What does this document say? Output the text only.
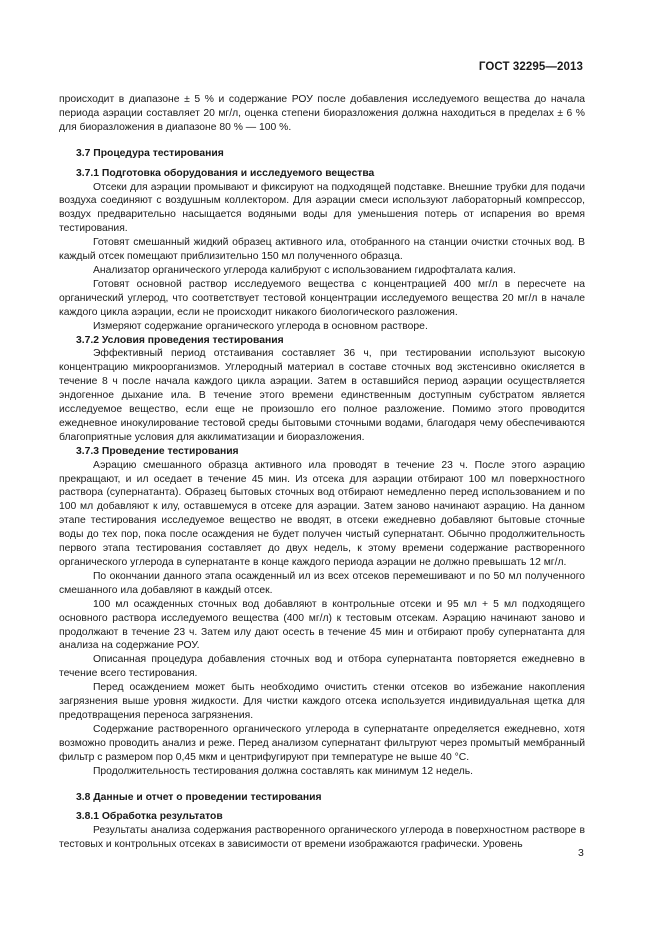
ГОСТ 32295—2013

происходит в диапазоне ± 5 % и содержание РОУ после добавления исследуемого вещества до начала периода аэрации составляет 20 мг/л, оценка степени биоразложения должна находиться в пределах ± 6 % для биоразложения в диапазоне 80 % — 100 %.

3.7 Процедура тестирования

3.7.1 Подготовка оборудования и исследуемого вещества

Отсеки для аэрации промывают и фиксируют на подходящей подставке. Внешние трубки для подачи воздуха соединяют с воздушным коллектором. Для аэрации смеси используют лабораторный компрессор, воздух предварительно насыщается водяными воды для уменьшения потерь от испарения во время тестирования.

Готовят смешанный жидкий образец активного ила, отобранного на станции очистки сточных вод. В каждый отсек помещают приблизительно 150 мл полученного образца.

Анализатор органического углерода калибруют с использованием гидрофталата калия.

Готовят основной раствор исследуемого вещества с концентрацией 400 мг/л в пересчете на органический углерод, что соответствует тестовой концентрации исследуемого вещества 20 мг/л в начале каждого цикла аэрации, если не происходит никакого биологического разложения.

Измеряют содержание органического углерода в основном растворе.

3.7.2 Условия проведения тестирования

Эффективный период отстаивания составляет 36 ч, при тестировании используют высокую концентрацию микроорганизмов. Углеродный материал в составе сточных вод экстенсивно окисляется в течение 8 ч после начала каждого цикла аэрации. Затем в оставшийся период аэрации осуществляется эндогенное дыхание ила. В течение этого времени единственным доступным субстратом является исследуемое вещество, если еще не произошло его полное разложение. Помимо этого проводится ежедневное инокулирование тестовой среды бытовыми сточными водами, благодаря чему обеспечиваются благоприятные условия для акклиматизации и биоразложения.

3.7.3 Проведение тестирования

Аэрацию смешанного образца активного ила проводят в течение 23 ч. После этого аэрацию прекращают, и ил оседает в течение 45 мин. Из отсека для аэрации отбирают 100 мл поверхностного раствора (супернатанта). Образец бытовых сточных вод отбирают немедленно перед использованием и по 100 мл добавляют к илу, оставшемуся в отсеке для аэрации. Затем заново начинают аэрацию. На данном этапе тестирования исследуемое вещество не вводят, в отсеки ежедневно добавляют бытовые сточные воды до тех пор, пока после осаждения не будет получен чистый супернатант. Обычно продолжительность первого этапа тестирования составляет до двух недель, к этому времени содержание растворенного органического углерода в супернатанте в конце каждого периода аэрации не должно превышать 12 мг/л.

По окончании данного этапа осажденный ил из всех отсеков перемешивают и по 50 мл полученного смешанного ила добавляют в каждый отсек.

100 мл осажденных сточных вод добавляют в контрольные отсеки и 95 мл + 5 мл подходящего основного раствора исследуемого вещества (400 мг/л) к тестовым отсекам. Аэрацию начинают заново и продолжают в течение 23 ч. Затем илу дают осесть в течение 45 мин и отбирают пробу супернатанта для анализа на содержание РОУ.

Описанная процедура добавления сточных вод и отбора супернатанта повторяется ежедневно в течение всего тестирования.

Перед осаждением может быть необходимо очистить стенки отсеков во избежание накопления загрязнения выше уровня жидкости. Для чистки каждого отсека используется индивидуальная щетка для предотвращения переноса загрязнения.

Содержание растворенного органического углерода в супернатанте определяется ежедневно, хотя возможно проводить анализ и реже. Перед анализом супернатант фильтруют через промытый мембранный фильтр с размером пор 0,45 мкм и центрифугируют при температуре не выше 40 °C.

Продолжительность тестирования должна составлять как минимум 12 недель.

3.8 Данные и отчет о проведении тестирования

3.8.1 Обработка результатов

Результаты анализа содержания растворенного органического углерода в поверхностном растворе в тестовых и контрольных отсеках в зависимости от времени изображаются графически. Уровень

3
